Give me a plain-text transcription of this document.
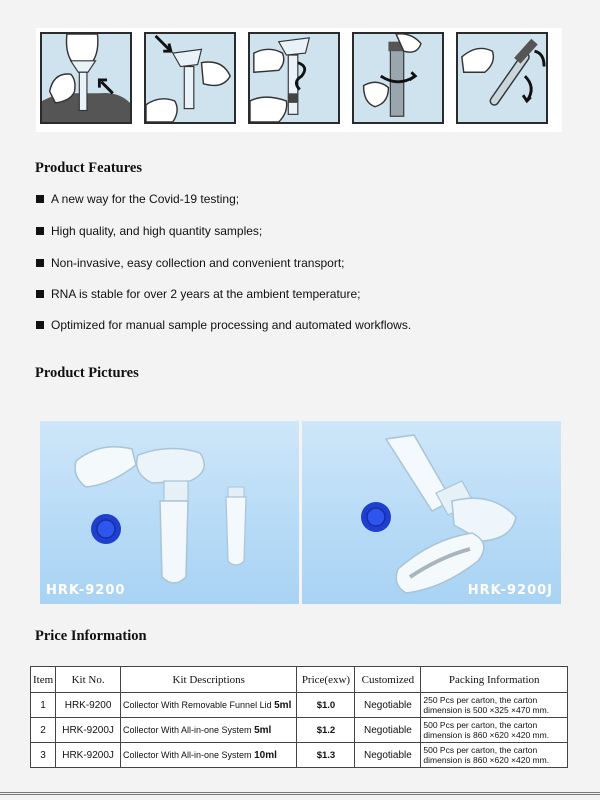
Product Features
A new way for the Covid-19 testing;
High quality, and high quantity samples;
Non-invasive, easy collection and convenient transport;
RNA is stable for over 2 years at the ambient temperature;
Optimized for manual sample processing and automated workflows.
Product Pictures
HRK-9200	HRK-9200J
Price Information
Item	Kit No.	Kit Descriptions	Price(exw)	Customized	Packing Information
1	HRK-9200	Collector With Removable Funnel Lid 5ml	$1.0	Negotiable	250 Pcs per carton, the carton
dimension is 500 ×325 ×470 mm.
2	HRK-9200J	Collector With All-in-one System 5ml	$1.2	Negotiable	500 Pcs per carton, the carton
dimension is 860 ×620 ×420 mm.
3	HRK-9200J	Collector With All-in-one System 10ml	$1.3	Negotiable	500 Pcs per carton, the carton
dimension is 860 ×620 ×420 mm.
